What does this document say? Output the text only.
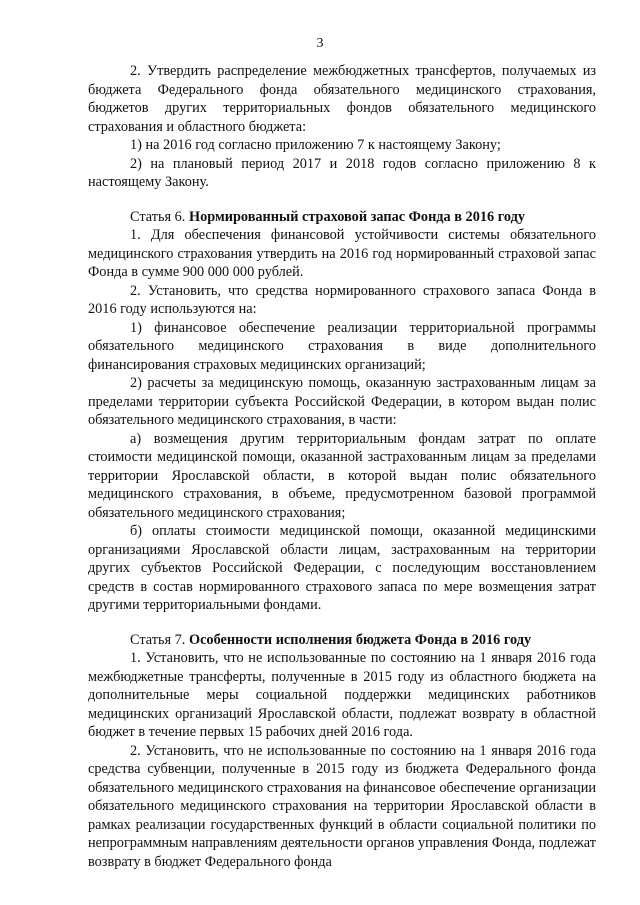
3

2. Утвердить распределение межбюджетных трансфертов, получаемых из бюджета Федерального фонда обязательного медицинского страхования, бюджетов других территориальных фондов обязательного медицинского страхования и областного бюджета:

1) на 2016 год согласно приложению 7 к настоящему Закону;

2) на плановый период 2017 и 2018 годов согласно приложению 8 к настоящему Закону.

Статья 6. Нормированный страховой запас Фонда в 2016 году

1. Для обеспечения финансовой устойчивости системы обязательного медицинского страхования утвердить на 2016 год нормированный страховой запас Фонда в сумме 900 000 000 рублей.

2. Установить, что средства нормированного страхового запаса Фонда в 2016 году используются на:

1) финансовое обеспечение реализации территориальной программы обязательного медицинского страхования в виде дополнительного финансирования страховых медицинских организаций;

2) расчеты за медицинскую помощь, оказанную застрахованным лицам за пределами территории субъекта Российской Федерации, в котором выдан полис обязательного медицинского страхования, в части:

а) возмещения другим территориальным фондам затрат по оплате стоимости медицинской помощи, оказанной застрахованным лицам за пределами территории Ярославской области, в которой выдан полис обязательного медицинского страхования, в объеме, предусмотренном базовой программой обязательного медицинского страхования;

б) оплаты стоимости медицинской помощи, оказанной медицинскими организациями Ярославской области лицам, застрахованным на территории других субъектов Российской Федерации, с последующим восстановлением средств в состав нормированного страхового запаса по мере возмещения затрат другими территориальными фондами.

Статья 7. Особенности исполнения бюджета Фонда в 2016 году

1. Установить, что не использованные по состоянию на 1 января 2016 года межбюджетные трансферты, полученные в 2015 году из областного бюджета на дополнительные меры социальной поддержки медицинских работников медицинских организаций Ярославской области, подлежат возврату в областной бюджет в течение первых 15 рабочих дней 2016 года.

2. Установить, что не использованные по состоянию на 1 января 2016 года средства субвенции, полученные в 2015 году из бюджета Федерального фонда обязательного медицинского страхования на финансовое обеспечение организации обязательного медицинского страхования на территории Ярославской области в рамках реализации государственных функций в области социальной политики по непрограммным направлениям деятельности органов управления Фонда, подлежат возврату в бюджет Федерального фонда
